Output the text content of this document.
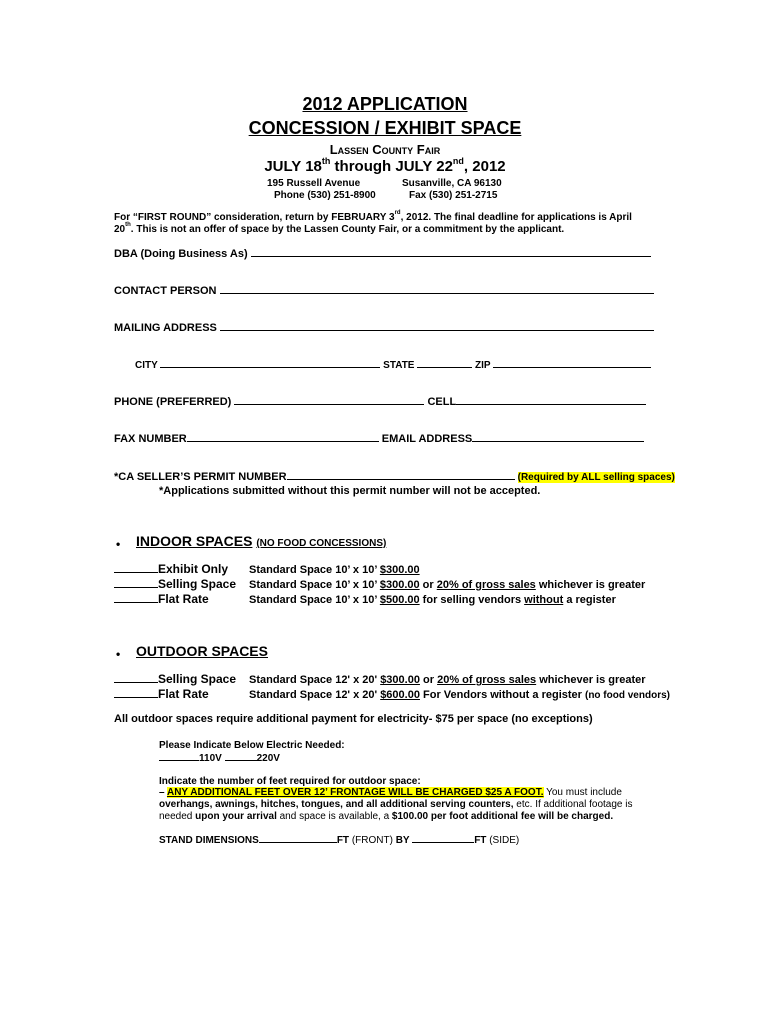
2012 APPLICATION
CONCESSION / EXHIBIT SPACE
Lassen County Fair
JULY 18th through JULY 22nd, 2012
195 Russell Avenue	Susanville, CA 96130
Phone (530) 251-8900	Fax (530) 251-2715
For “FIRST ROUND” consideration, return by FEBRUARY 3rd, 2012. The final deadline for applications is April
20th. This is not an offer of space by the Lassen County Fair, or a commitment by the applicant.
DBA (Doing Business As)
CONTACT PERSON
MAILING ADDRESS
CITY	STATE	ZIP
PHONE (PREFERRED)	CELL
FAX NUMBER	EMAIL ADDRESS
*CA SELLER’S PERMIT NUMBER	(Required by ALL selling spaces)
*Applications submitted without this permit number will not be accepted.
• INDOOR SPACES (NO FOOD CONCESSIONS)
Exhibit Only Standard Space 10’ x 10’ $300.00
Selling Space Standard Space 10’ x 10’ $300.00 or 20% of gross sales whichever is greater
Flat Rate	Standard Space 10’ x 10’ $500.00 for selling vendors without a register
• OUTDOOR SPACES
Selling Space Standard Space 12' x 20' $300.00 or 20% of gross sales whichever is greater
Flat Rate	Standard Space 12' x 20' $600.00 For Vendors without a register (no food vendors)
All outdoor spaces require additional payment for electricity- $75 per space (no exceptions)
Please Indicate Below Electric Needed:
110V	220V
Indicate the number of feet required for outdoor space:
– ANY ADDITIONAL FEET OVER 12’ FRONTAGE WILL BE CHARGED $25 A FOOT. You must include
overhangs, awnings, hitches, tongues, and all additional serving counters, etc. If additional footage is
needed upon your arrival and space is available, a $100.00 per foot additional fee will be charged.
STAND DIMENSIONS	FT (FRONT) BY	FT (SIDE)
